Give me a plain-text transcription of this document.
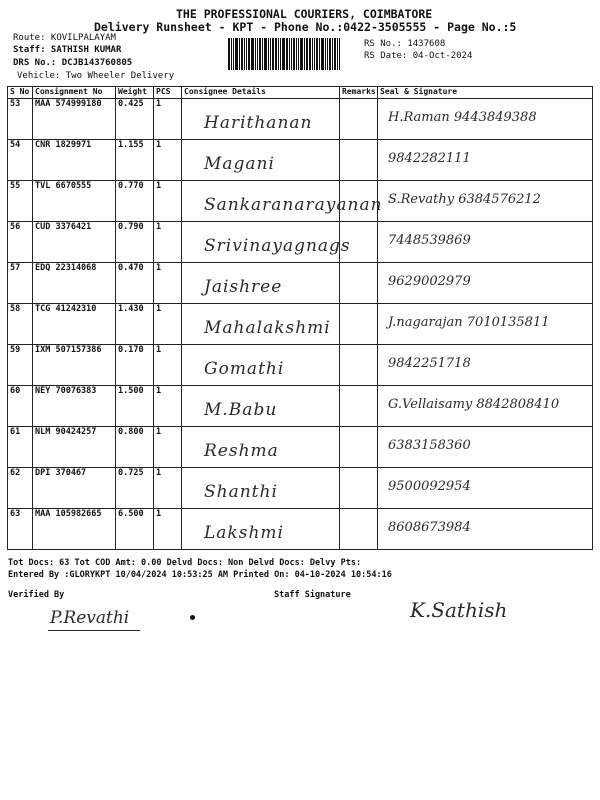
THE PROFESSIONAL COURIERS, COIMBATORE
Delivery Runsheet - KPT - Phone No.:0422-3505555 - Page No.:5
Route: KOVILPALAYAM
Staff: SATHISH KUMAR
DRS No.: DCJB143760805
Vehicle: Two Wheeler Delivery
RS No.: 1437608
RS Date: 04-Oct-2024
S No	Consignment No	Weight	PCS	Consignee Details	Remarks	Seal & Signature
53	MAA 574999180	0.425	1	Harithanan		H.Raman 9443849388

54	CNR 1829971	1.155	1	Magani		9842282111

55	TVL 6670555	0.770	1	Sankaranarayanan		S.Revathy 6384576212

56	CUD 3376421	0.790	1	Srivinayagnags		7448539869

57	EDQ 22314068	0.470	1	Jaishree		9629002979

58	TCG 41242310	1.430	1	Mahalakshmi		J.nagarajan 7010135811

59	IXM 507157386	0.170	1	Gomathi		9842251718

60	NEY 70076383	1.500	1	M.Babu		G.Vellaisamy 8842808410

61	NLM 90424257	0.800	1	Reshma		6383158360

62	DPI 370467	0.725	1	Shanthi		9500092954

63	MAA 105982665	6.500	1	Lakshmi		8608673984
Tot Docs: 63 Tot COD Amt: 0.00 Delvd Docs: Non Delvd Docs: Delvy Pts:
Entered By :GLORYKPT 10/04/2024 10:53:25 AM Printed On: 04-10-2024 10:54:16
Verified By	Staff Signature
P.Revathi	K.Sathish
